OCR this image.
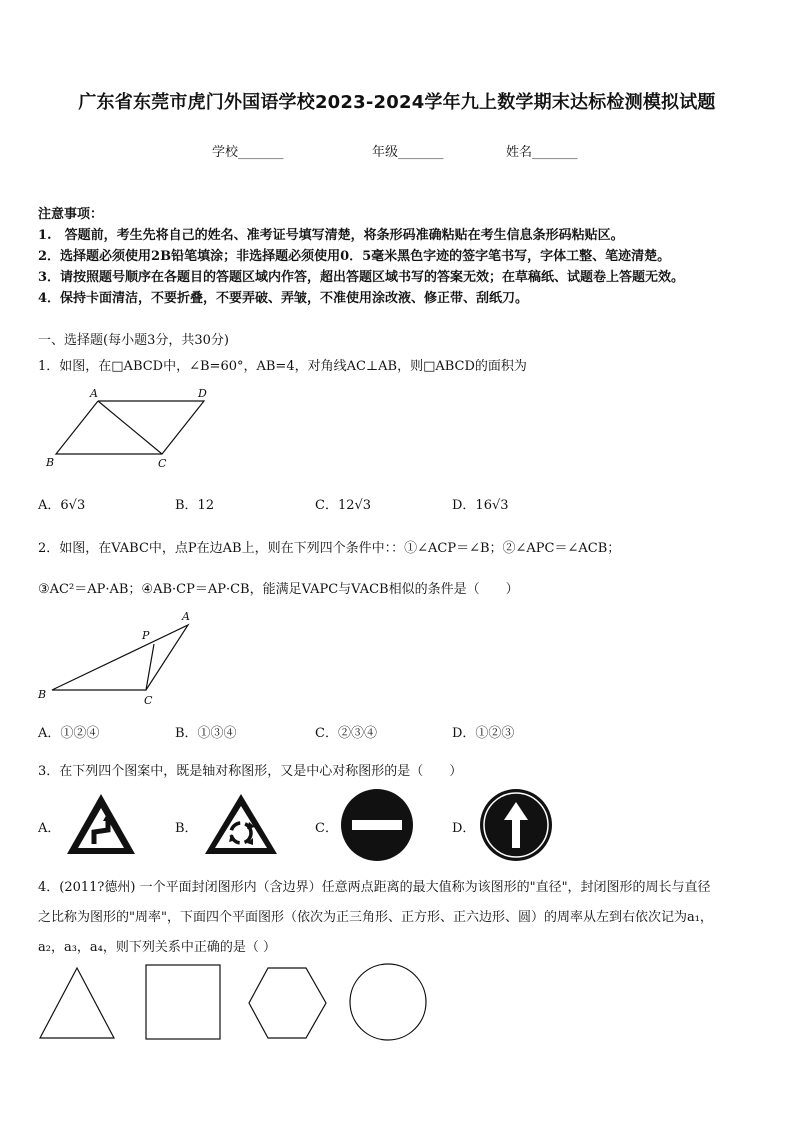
广东省东莞市虎门外国语学校2023-2024学年九上数学期末达标检测模拟试题
学校_______	年级_______	姓名_______
注意事项：
1.　答题前，考生先将自己的姓名、准考证号填写清楚，将条形码准确粘贴在考生信息条形码粘贴区。
2．选择题必须使用2B铅笔填涂；非选择题必须使用0．5毫米黑色字迹的签字笔书写，字体工整、笔迹清楚。
3．请按照题号顺序在各题目的答题区域内作答，超出答题区域书写的答案无效；在草稿纸、试题卷上答题无效。
4．保持卡面清洁，不要折叠，不要弄破、弄皱，不准使用涂改液、修正带、刮纸刀。
一、选择题(每小题3分，共30分)
1．如图，在□ABCD中，∠B=60°，AB=4，对角线AC⊥AB，则□ABCD的面积为
A	D
B	C
A．6√3	B．12	C．12√3	D．16√3
2．如图，在VABC中，点P在边AB上，则在下列四个条件中：：①∠ACP＝∠B；②∠APC＝∠ACB；
③AC²＝AP·AB；④AB·CP＝AP·CB，能满足VAPC与VACB相似的条件是（　　）
A
P
B	C
A．①②④	B．①③④	C．②③④	D．①②③
3．在下列四个图案中，既是轴对称图形，又是中心对称图形的是（　　）
A．	B．	C．	D．
4．(2011?德州) 一个平面封闭图形内（含边界）任意两点距离的最大值称为该图形的"直径"，封闭图形的周长与直径
之比称为图形的"周率"，下面四个平面图形（依次为正三角形、正方形、正六边形、圆）的周率从左到右依次记为a₁，
a₂，a₃，a₄，则下列关系中正确的是（ ）
